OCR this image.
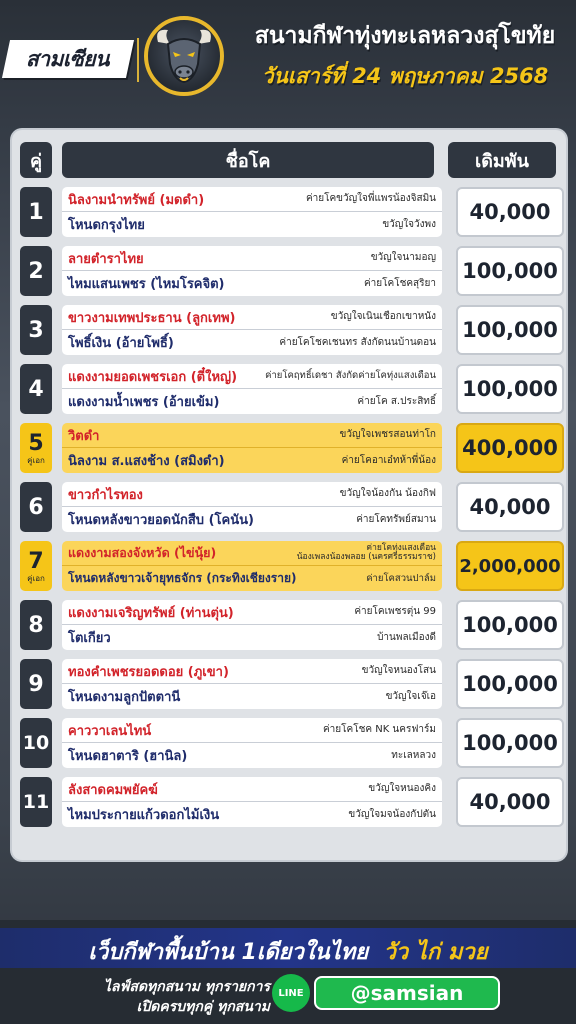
สามเซียน
สนามกีฬาทุ่งทะเลหลวงสุโขทัย
วันเสาร์ที่ 24 พฤษภาคม 2568
คู่	ชื่อโค	เดิมพัน
1 นิลงามนำทรัพย์ (มดดำ)	ค่ายโคขวัญใจพี่แพรน้องจิสมิน
โหนดกรุงไทย	ขวัญใจวังพง	40,000
2 ลายตำราไทย	ขวัญใจนามอญ
ไหมแสนเพชร (ไหมโรคจิต)	ค่ายโคโชคสุริยา 100,000
3 ขาวงามเทพประธาน (ลูกเทพ)	ขวัญใจเนินเชือกเขาหนัง
โพธิ์เงิน (อ้ายโพธิ์)	ค่ายโคโชคเชนทร สังกัดนนบ้านดอน 100,000
4 แดงงามยอดเพชรเอก (ตี๋ใหญ่)	ค่ายโคฤทธิ์เดชา สังกัดค่ายโคทุ่งแสงเดือน
แดงงามน้ำเพชร (อ้ายเข้ม)	ค่ายโค ส.ประสิทธิ์ 100,000
5
คู่เอก
วิตดำ	ขวัญใจเพชรสอนท่าโก
นิลงาม ส.แสงช้าง (สมิงดำ)	ค่ายโคอาเอ๋ทห้าพี่น้อง 400,000
6 ขาวกำไรทอง	ขวัญใจน้องกัน น้องกิฟ
โหนดหลังขาวยอดนักสืบ (โคนัน)	ค่ายโคทรัพย์สมาน	40,000
7
คู่เอก
แดงงามสองจังหวัด (ไข่นุ้ย)	ค่ายโคทุ่งแสงเดือน
น้องเพลงน้องพลอย (นครศรีธรรมราช)
โหนดหลังขาวเจ้ายุทธจักร (กระทิงเชียงราย)	ค่ายโคสวนปาล์ม
2,000,000
8 แดงงามเจริญทรัพย์ (ท่านตุ่น)	ค่ายโคเพชรตุ่น 99
โตเกียว	บ้านพลเมืองดี 100,000
9 ทองคำเพชรยอดดอย (ภูเขา)	ขวัญใจหนองโสน
โหนดงามลูกปัตตานี	ขวัญใจเจ๊เอ 100,000
10
คาววาเลนไทน์	ค่ายโคโชค NK นครฟาร์ม
โหนดฮาตาริ (ฮานิล)	ทะเลหลวง 100,000
11
ลังสาดคมพยัคฆ์	ขวัญใจหนองคิง
ไหมประกายแก้วดอกไม้เงิน	ขวัญใจมจน้องกัปตัน	40,000
เว็บกีฬาพื้นบ้าน 1เดียวในไทย วัว ไก่ มวย
ไลฟ์สดทุกสนาม ทุกรายการ
เปิดครบทุกคู่ ทุกสนาม
LINE	@samsian
